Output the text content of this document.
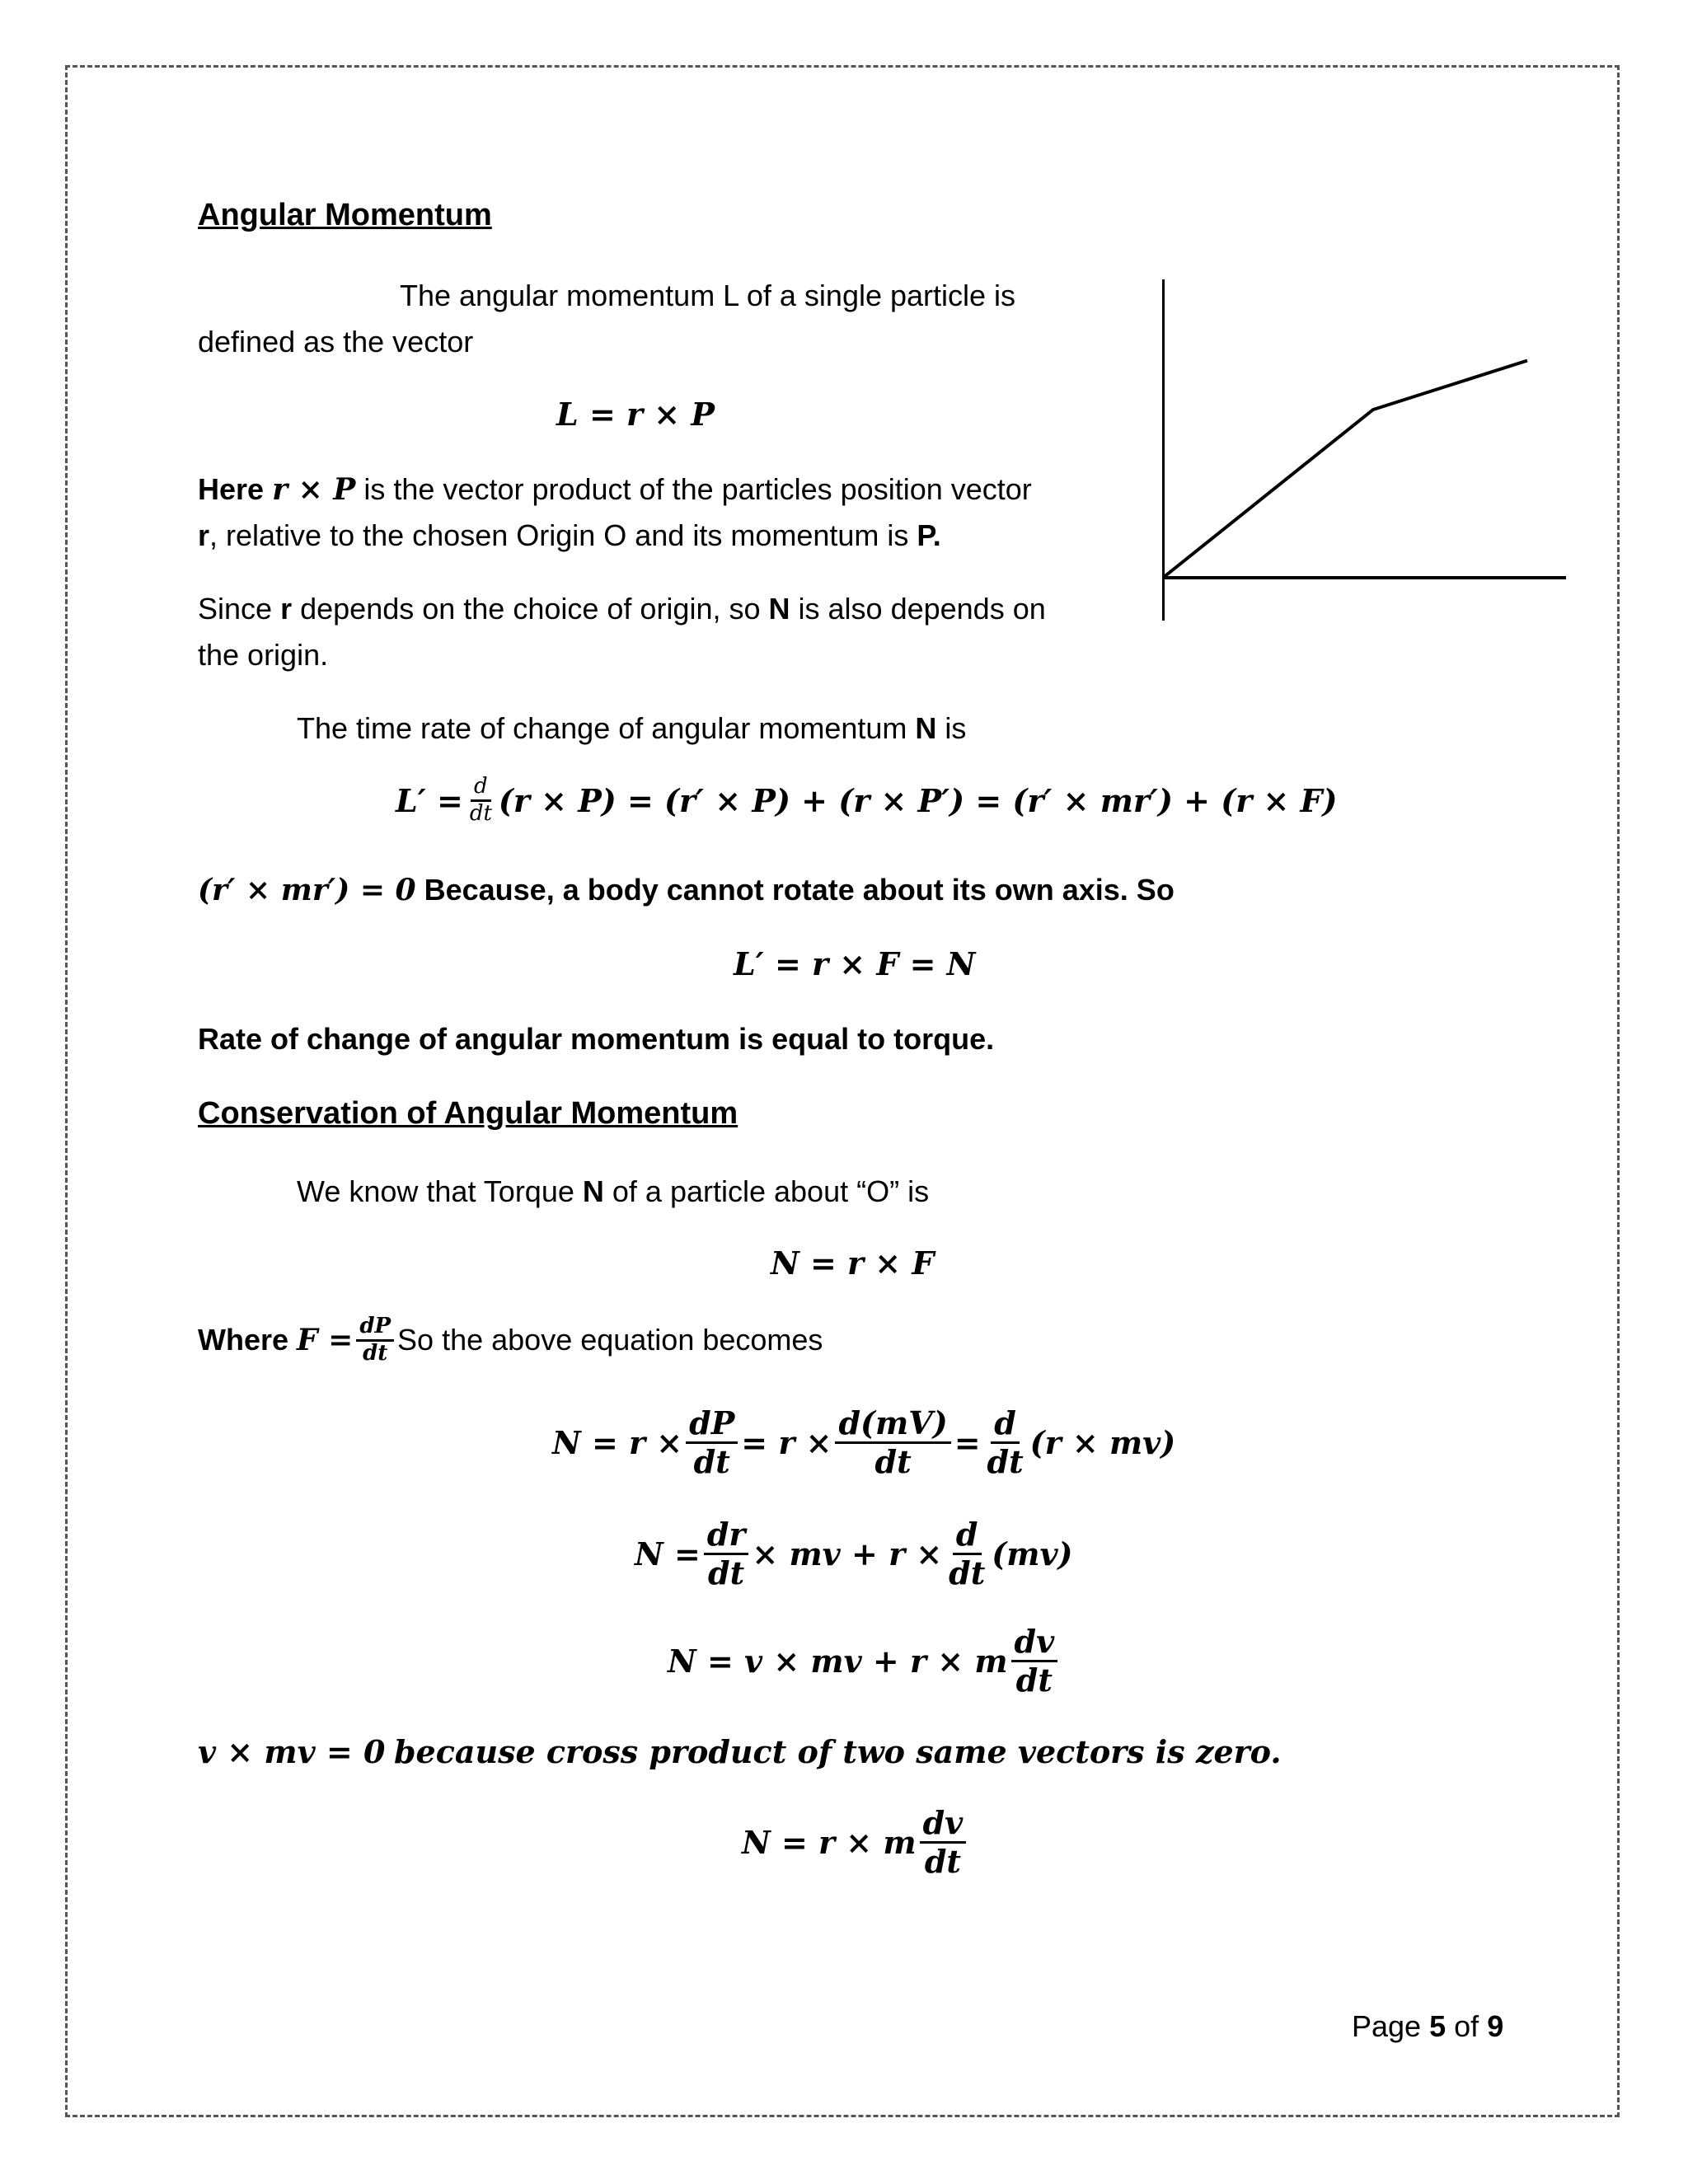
Angular Momentum
The angular momentum L of a single particle is
defined as the vector
L = r × P
Here r × P is the vector product of the particles position vector
r, relative to the chosen Origin O and its momentum is P.
Since r depends on the choice of origin, so N is also depends on
the origin.
The time rate of change of angular momentum N is
$L' = \frac{d}{dt} (r \times P) = (r' \times P) + (r \times P') = (r' \times mr') + (r \times F)$
(r′ × mr′) = 0 Because, a body cannot rotate about its own axis. So
L′ = r × F = N
Rate of change of angular momentum is equal to torque.
Conservation of Angular Momentum
We know that Torque N of a particle about “O” is
N = r × F
Where
$F = \frac{dP}{dt}$ So the above equation becomes
$N = r \times \frac{dP}{dt} = r \times \frac{d(mV)}{dt} = \frac{d}{dt} (r \times mv)$
$N = \frac{dr}{dt}$ × mv + $r \times \frac{d}{dt} (mv)$
N = v × mv + r × m $\frac{dv}{dt}$
v × mv = 0 because cross product of two same vectors is zero.
N = r × m $\frac{dv}{dt}$
Page 5 of 9
